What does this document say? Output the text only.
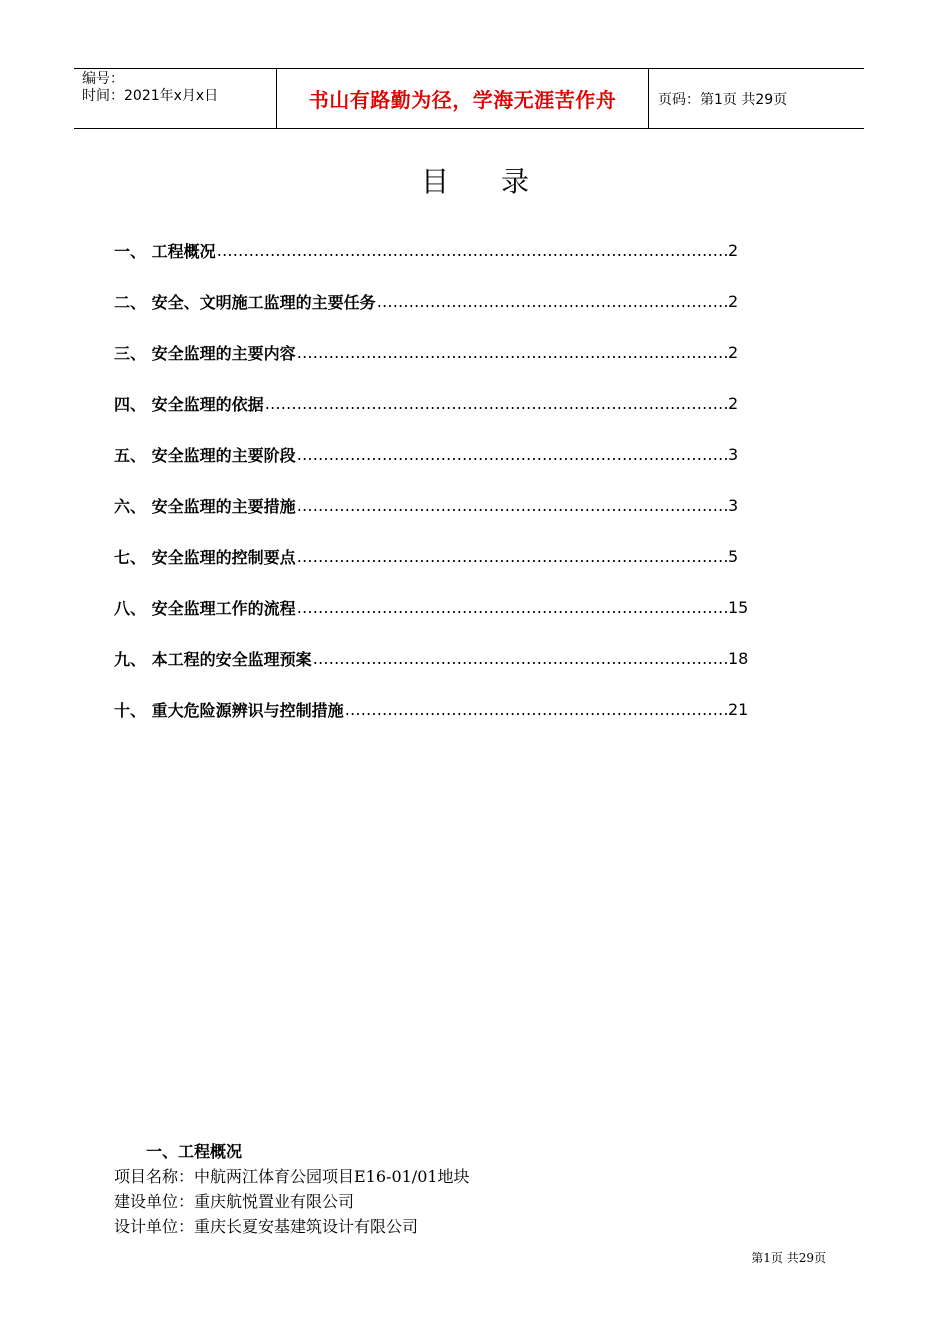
编号：
时间：2021年x月x日	书山有路勤为径，学海无涯苦作舟	页码：第1页 共29页
目录
一、 工程概况 ……………………………………………………………………………………………………………………………………………………	2
二、 安全、文明施工监理的主要任务 ……………………………………………………………………………………………………………………………………………………	2
三、 安全监理的主要内容 ……………………………………………………………………………………………………………………………………………………	2
四、 安全监理的依据 ……………………………………………………………………………………………………………………………………………………	2
五、 安全监理的主要阶段 ……………………………………………………………………………………………………………………………………………………	3
六、 安全监理的主要措施 ……………………………………………………………………………………………………………………………………………………	3
七、 安全监理的控制要点 ……………………………………………………………………………………………………………………………………………………	5
八、 安全监理工作的流程 ……………………………………………………………………………………………………………………………………………………	15
九、 本工程的安全监理预案 ……………………………………………………………………………………………………………………………………………………	18
十、 重大危险源辨识与控制措施 ……………………………………………………………………………………………………………………………………………………	21
一、工程概况
项目名称：中航两江体育公园项目E16-01/01地块
建设单位：重庆航悦置业有限公司
设计单位：重庆长夏安基建筑设计有限公司
第1页 共29页
